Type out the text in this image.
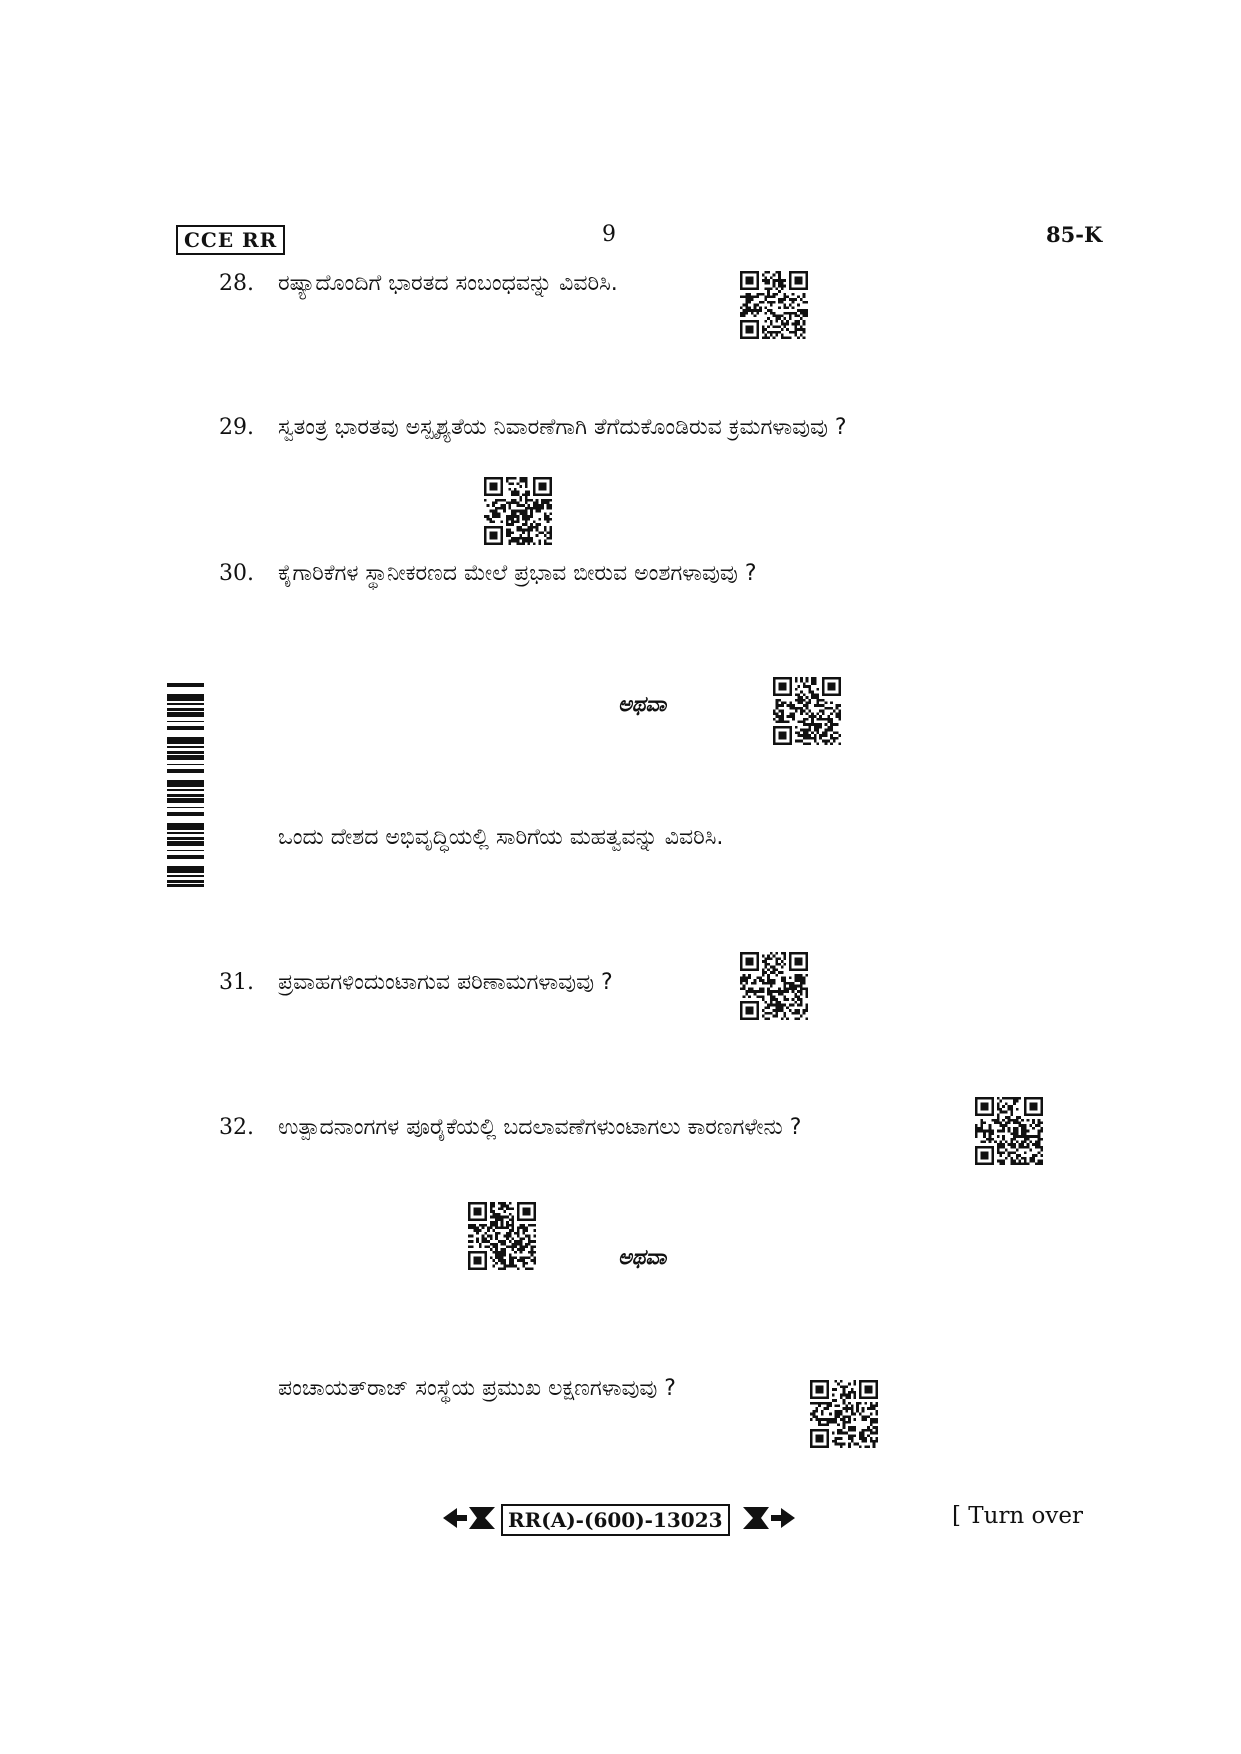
CCE RR	9	85-K
28. ರಷ್ಯಾದೊಂದಿಗೆ ಭಾರತದ ಸಂಬಂಧವನ್ನು ವಿವರಿಸಿ.
29. ಸ್ವತಂತ್ರ ಭಾರತವು ಅಸ್ಪೃಶ್ಯತೆಯ ನಿವಾರಣೆಗಾಗಿ ತೆಗೆದುಕೊಂಡಿರುವ ಕ್ರಮಗಳಾವುವು ?
30. ಕೈಗಾರಿಕೆಗಳ ಸ್ಥಾನೀಕರಣದ ಮೇಲೆ ಪ್ರಭಾವ ಬೀರುವ ಅಂಶಗಳಾವುವು ?
ಅಥವಾ
ಒಂದು ದೇಶದ ಅಭಿವೃದ್ಧಿಯಲ್ಲಿ ಸಾರಿಗೆಯ ಮಹತ್ವವನ್ನು ವಿವರಿಸಿ.
31. ಪ್ರವಾಹಗಳಿಂದುಂಟಾಗುವ ಪರಿಣಾಮಗಳಾವುವು ?
32. ಉತ್ಪಾದನಾಂಗಗಳ ಪೂರೈಕೆಯಲ್ಲಿ ಬದಲಾವಣೆಗಳುಂಟಾಗಲು ಕಾರಣಗಳೇನು ?
ಅಥವಾ
ಪಂಚಾಯತ್‌ರಾಜ್ ಸಂಸ್ಥೆಯ ಪ್ರಮುಖ ಲಕ್ಷಣಗಳಾವುವು ?
RR(A)-(600)-13023	[ Turn over
